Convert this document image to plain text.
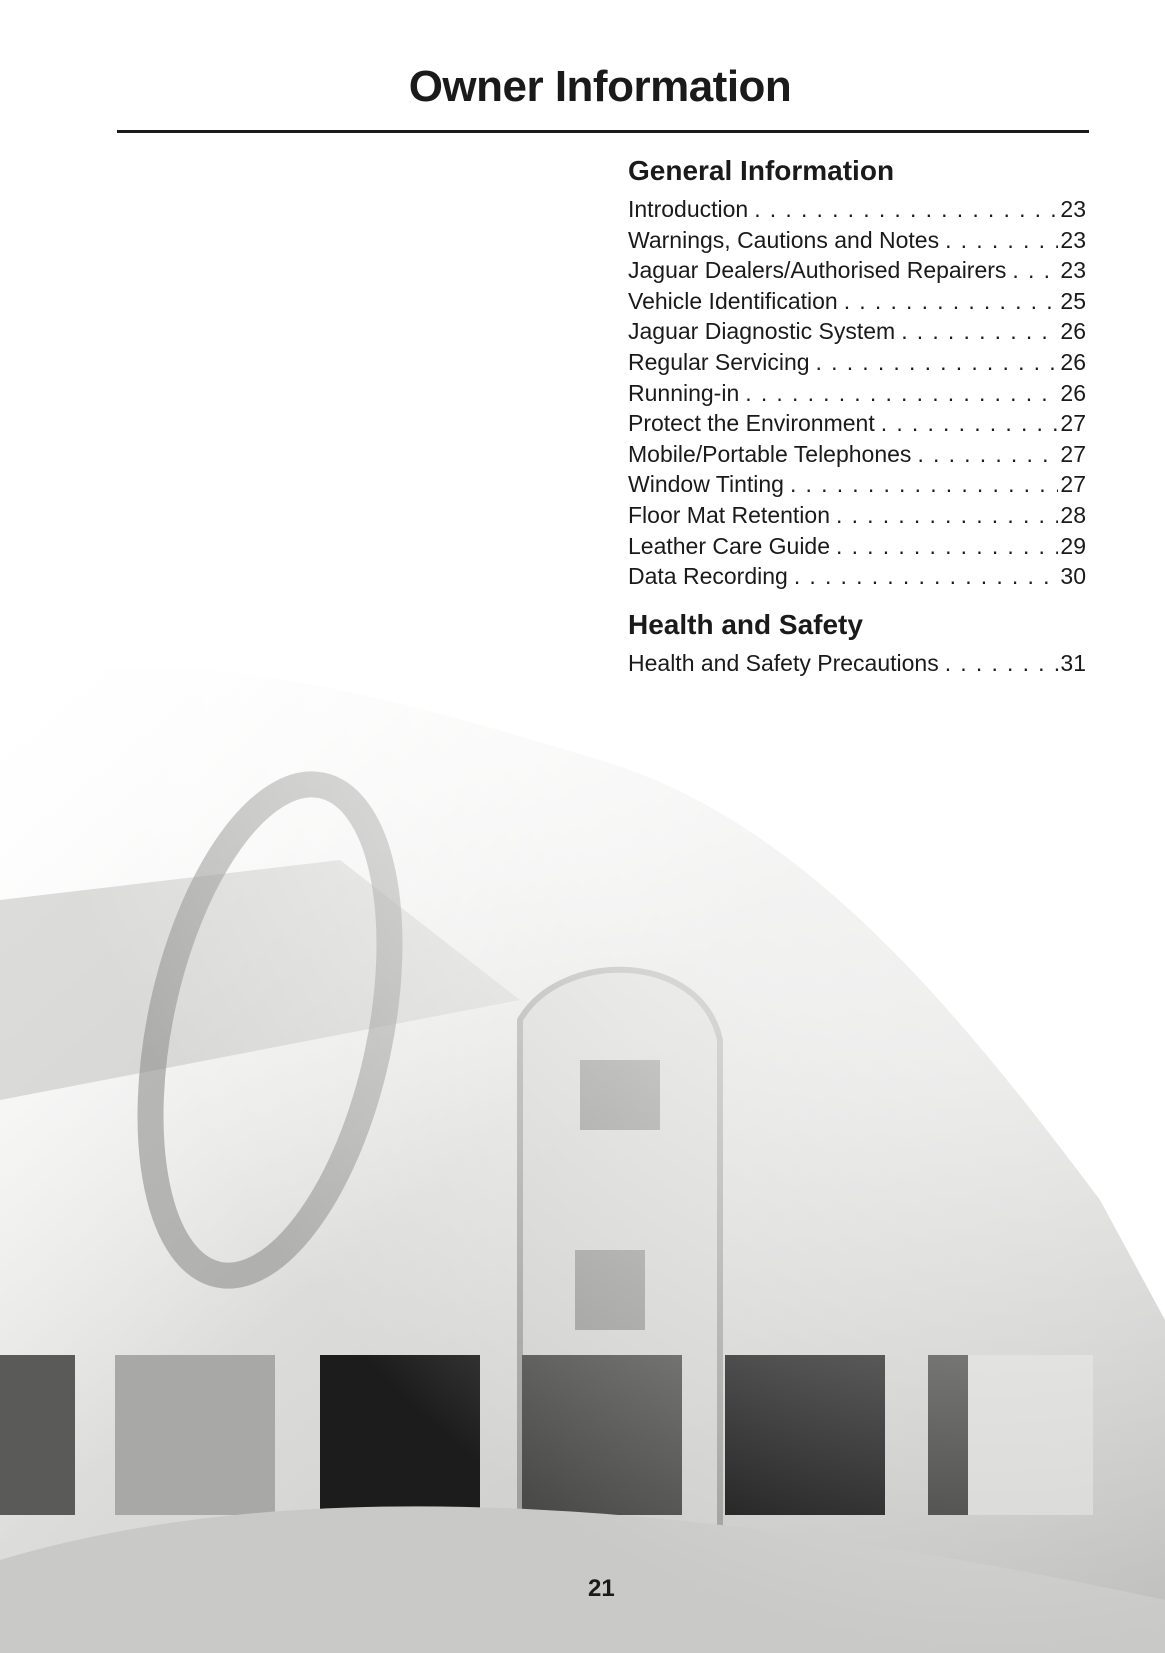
Owner Information
General Information
Introduction . . .	23
Warnings, Cautions and Notes . . .	23
Jaguar Dealers/Authorised Repairers . . . 23
Vehicle Identification . . .	25
Jaguar Diagnostic System . . .	26
Regular Servicing . . .	26
Running-in . . .	26
Protect the Environment . . .	27
Mobile/Portable Telephones . . .	27
Window Tinting . . .	27
Floor Mat Retention . . .	28
Leather Care Guide . . .	29
Data Recording . . .	30
Health and Safety
Health and Safety Precautions . . .	31
21
